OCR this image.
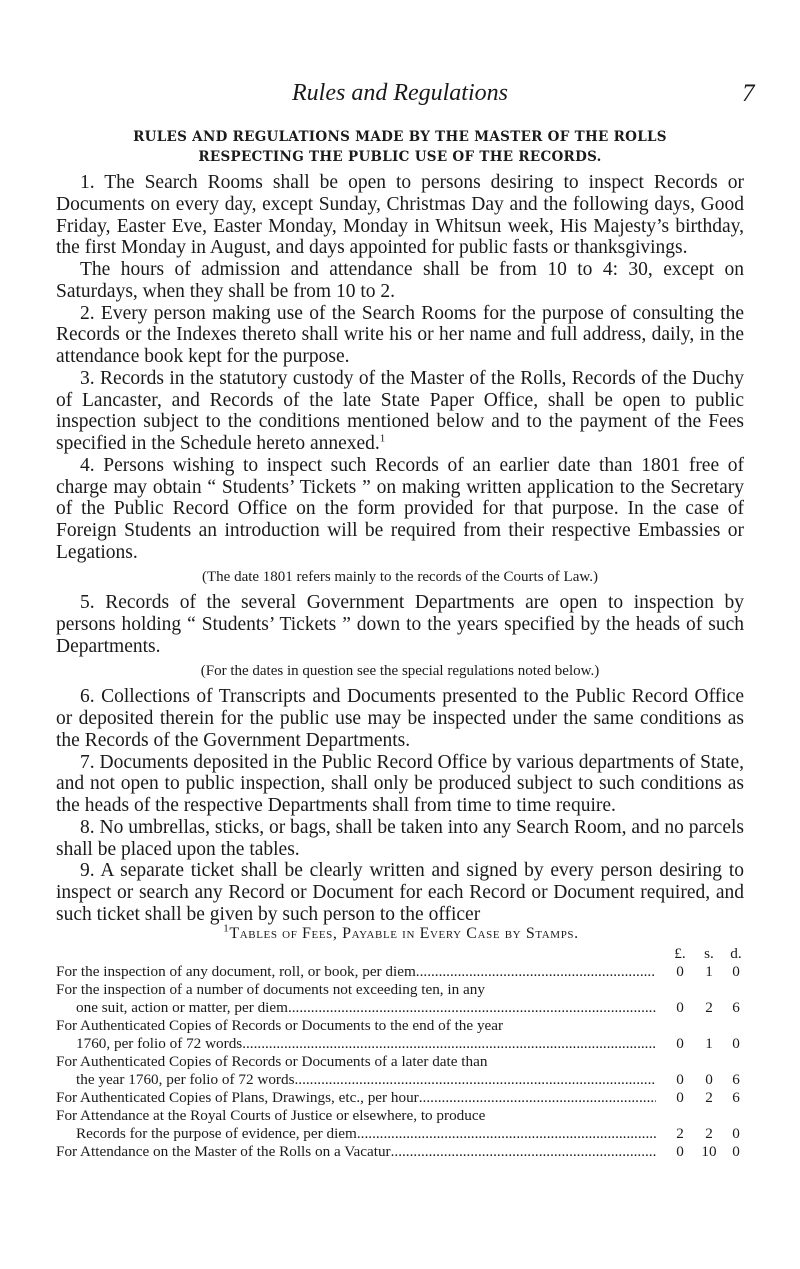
Rules and Regulations	7
RULES AND REGULATIONS MADE BY THE MASTER OF THE ROLLS
RESPECTING THE PUBLIC USE OF THE RECORDS.

1. The Search Rooms shall be open to persons desiring to inspect Records or Documents on every day, except Sunday, Christmas Day and the following days, Good Friday, Easter Eve, Easter Monday, Monday in Whitsun week, His Majesty’s birthday, the first Monday in August, and days appointed for public fasts or thanksgivings.

The hours of admission and attendance shall be from 10 to 4: 30, except on Saturdays, when they shall be from 10 to 2.

2. Every person making use of the Search Rooms for the purpose of consulting the Records or the Indexes thereto shall write his or her name and full address, daily, in the attendance book kept for the purpose.

3. Records in the statutory custody of the Master of the Rolls, Records of the Duchy of Lancaster, and Records of the late State Paper Office, shall be open to public inspection subject to the conditions mentioned below and to the payment of the Fees specified in the Schedule hereto annexed.$^1$

4. Persons wishing to inspect such Records of an earlier date than 1801 free of charge may obtain “ Students’ Tickets ” on making written application to the Secretary of the Public Record Office on the form provided for that purpose. In the case of Foreign Students an introduction will be required from their respective Embassies or Legations.

(The date 1801 refers mainly to the records of the Courts of Law.)

5. Records of the several Government Departments are open to inspection by persons holding “ Students’ Tickets ” down to the years specified by the heads of such Departments.

(For the dates in question see the special regulations noted below.)

6. Collections of Transcripts and Documents presented to the Public Record Office or deposited therein for the public use may be inspected under the same conditions as the Records of the Government Departments.

7. Documents deposited in the Public Record Office by various departments of State, and not open to public inspection, shall only be produced subject to such conditions as the heads of the respective Departments shall from time to time require.

8. No umbrellas, sticks, or bags, shall be taken into any Search Room, and no parcels shall be placed upon the tables.

9. A separate ticket shall be clearly written and signed by every person desiring to inspect or search any Record or Document for each Record or Document required, and such ticket shall be given by such person to the officer

$^1$Tables of Fees, Payable in Every Case by Stamps.
£.	s.	d.
For the inspection of any document, roll, or book, per diem .....	0	1	0
For the inspection of a number of documents not exceeding ten, in any
one suit, action or matter, per diem .....	0	2	6
For Authenticated Copies of Records or Documents to the end of the year
1760, per folio of 72 words .....	0	1	0
For Authenticated Copies of Records or Documents of a later date than
the year 1760, per folio of 72 words .....	0	0	6
For Authenticated Copies of Plans, Drawings, etc., per hour .....	0	2	6
For Attendance at the Royal Courts of Justice or elsewhere, to produce
Records for the purpose of evidence, per diem .....	2	2	0
For Attendance on the Master of the Rolls on a Vacatur .....	0	10	0
